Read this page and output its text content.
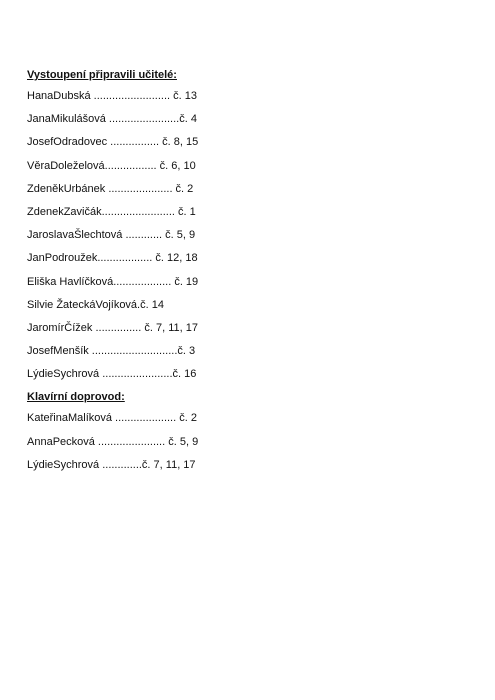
Vystoupení připravili učitelé:
HanaDubská ......................... č. 13
JanaMikulášová .......................č. 4
JosefOdradovec ................ č. 8, 15
VěraDoleželová................. č. 6, 10
ZdeněkUrbánek ..................... č. 2
ZdenekZavičák........................ č. 1
JaroslavaŠlechtová ............ č. 5, 9
JanPodroužek.................. č. 12, 18
Eliška Havlíčková................... č. 19
Silvie ŽateckáVojíková.č. 14
JaromírČížek ............... č. 7, 11, 17
JosefMenšík ............................č. 3
LýdieSychrová .......................č. 16
Klavírní doprovod:
KateřinaMalíková .................... č. 2
AnnaPecková ...................... č. 5, 9
LýdieSychrová .............č. 7, 11, 17
